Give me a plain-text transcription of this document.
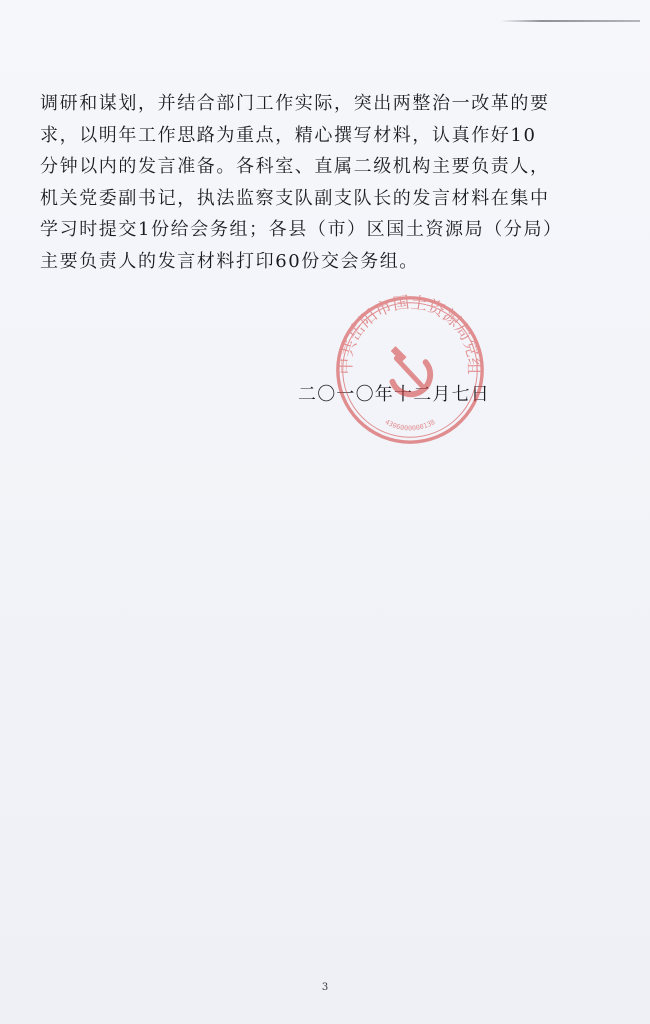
调研和谋划，并结合部门工作实际，突出两整治一改革的要
求，以明年工作思路为重点，精心撰写材料，认真作好10
分钟以内的发言准备。各科室、直属二级机构主要负责人，
机关党委副书记，执法监察支队副支队长的发言材料在集中
学习时提交1份给会务组；各县（市）区国土资源局（分局）
主要负责人的发言材料打印60份交会务组。
二〇一〇年十二月七日
中共岳阳市国土资源局党组
4306000000138
3
